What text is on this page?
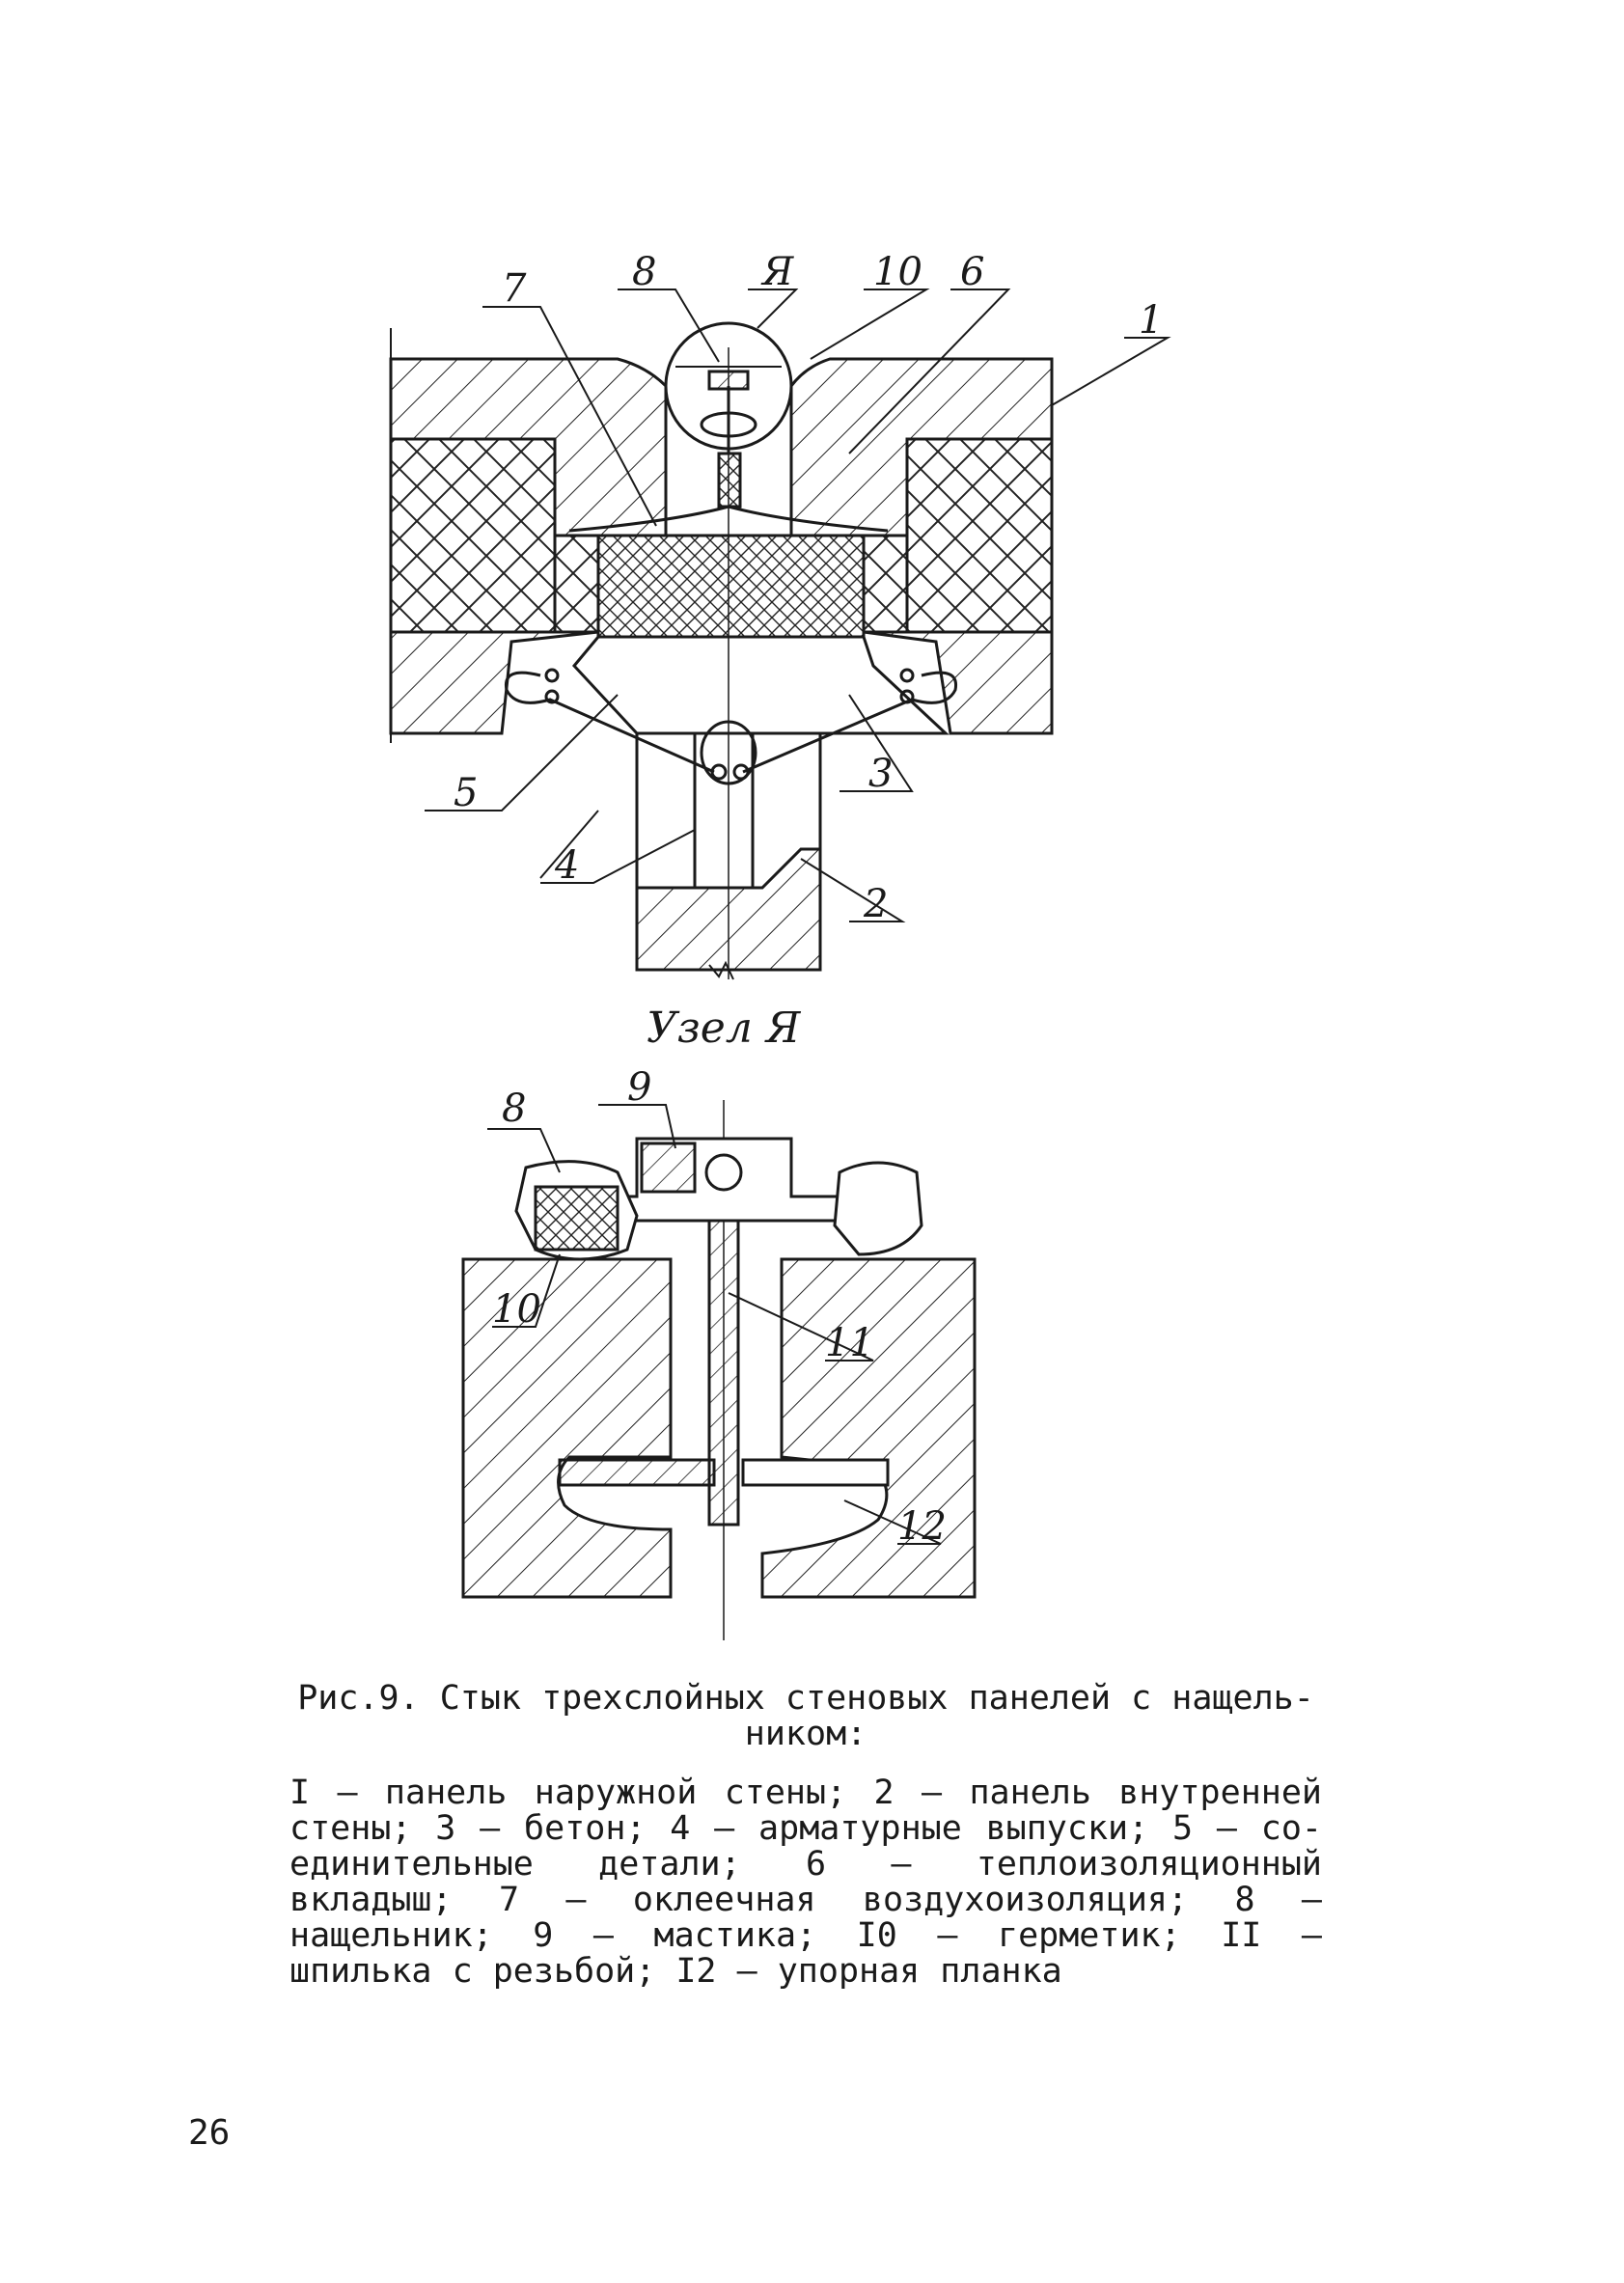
7	8	Я 10 6
1
5	3
4
2
Узел Я
8	9
10
11
12
Рис.9. Стык трехслойных стеновых панелей с нащель-ником:
I – панель наружной стены; 2 – панель внутренней стены; 3 – бетон; 4 – арматурные выпуски; 5 – со-единительные детали; 6 – теплоизоляционный вкладыш; 7 – оклеечная воздухоизоляция; 8 – нащельник; 9 – мастика; I0 – герметик; II – шпилька с резьбой; I2 – упорная планка
26
